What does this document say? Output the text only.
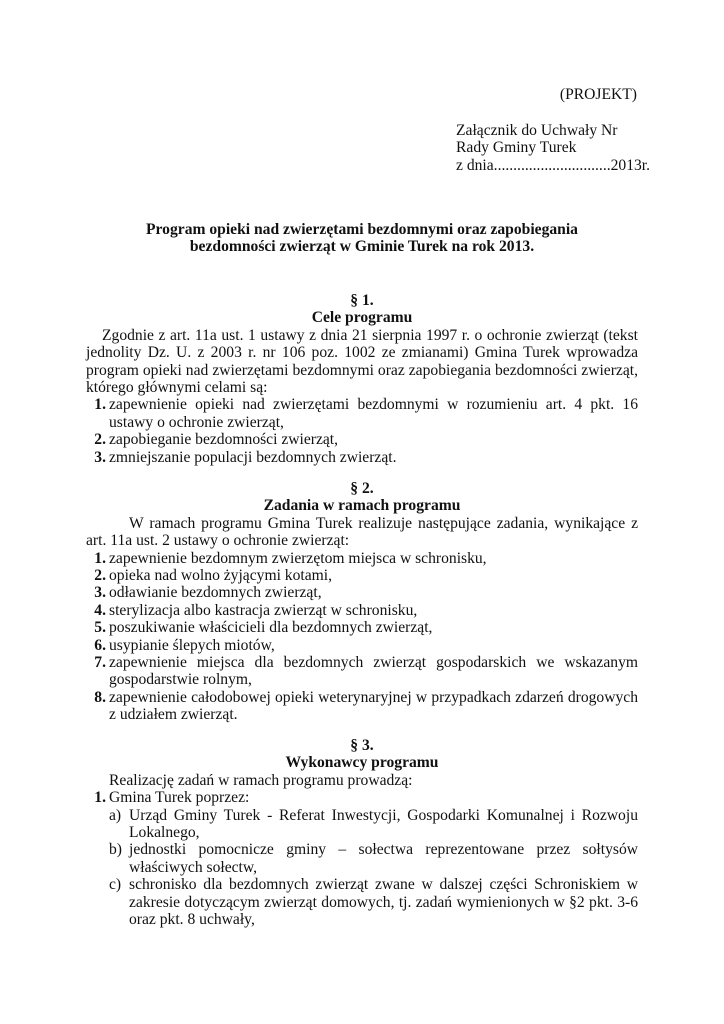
(PROJEKT)
Załącznik do Uchwały Nr
Rady Gminy Turek
z dnia..............................2013r.
Program opieki nad zwierzętami bezdomnymi oraz zapobiegania
bezdomności zwierząt w Gminie Turek na rok 2013.
§ 1.
Cele programu
Zgodnie z art. 11a ust. 1 ustawy z dnia 21 sierpnia 1997 r. o ochronie zwierząt (tekst jednolity Dz. U. z 2003 r. nr 106 poz. 1002 ze zmianami) Gmina Turek wprowadza program opieki nad zwierzętami bezdomnymi oraz zapobiegania bezdomności zwierząt, którego głównymi celami są:
1. zapewnienie opieki nad zwierzętami bezdomnymi w rozumieniu art. 4 pkt. 16 ustawy o ochronie zwierząt,
2. zapobieganie bezdomności zwierząt,
3. zmniejszanie populacji bezdomnych zwierząt.
§ 2.
Zadania w ramach programu
W ramach programu Gmina Turek realizuje następujące zadania, wynikające z art. 11a ust. 2 ustawy o ochronie zwierząt:
1. zapewnienie bezdomnym zwierzętom miejsca w schronisku,
2. opieka nad wolno żyjącymi kotami,
3. odławianie bezdomnych zwierząt,
4. sterylizacja albo kastracja zwierząt w schronisku,
5. poszukiwanie właścicieli dla bezdomnych zwierząt,
6. usypianie ślepych miotów,
7. zapewnienie miejsca dla bezdomnych zwierząt gospodarskich we wskazanym gospodarstwie rolnym,
8. zapewnienie całodobowej opieki weterynaryjnej w przypadkach zdarzeń drogowych z udziałem zwierząt.
§ 3.
Wykonawcy programu
Realizację zadań w ramach programu prowadzą:
1. Gmina Turek poprzez:
a) Urząd Gminy Turek - Referat Inwestycji, Gospodarki Komunalnej i Rozwoju Lokalnego,
b) jednostki pomocnicze gminy – sołectwa reprezentowane przez sołtysów właściwych sołectw,
c) schronisko dla bezdomnych zwierząt zwane w dalszej części Schroniskiem w zakresie dotyczącym zwierząt domowych, tj. zadań wymienionych w §2 pkt. 3-6 oraz pkt. 8 uchwały,
